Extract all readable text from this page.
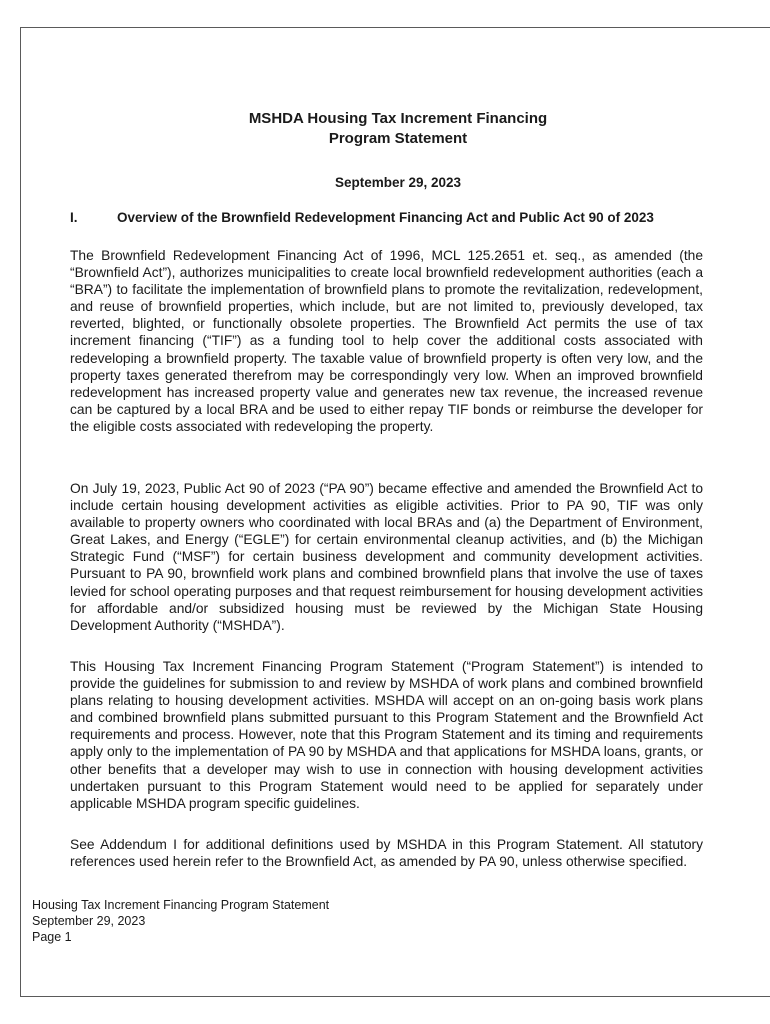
MSHDA Housing Tax Increment Financing
Program Statement
September 29, 2023
I.	Overview of the Brownfield Redevelopment Financing Act and Public Act 90 of 2023
The Brownfield Redevelopment Financing Act of 1996, MCL 125.2651 et. seq., as amended (the “Brownfield Act”), authorizes municipalities to create local brownfield redevelopment authorities (each a “BRA”) to facilitate the implementation of brownfield plans to promote the revitalization, redevelopment, and reuse of brownfield properties, which include, but are not limited to, previously developed, tax reverted, blighted, or functionally obsolete properties. The Brownfield Act permits the use of tax increment financing (“TIF”) as a funding tool to help cover the additional costs associated with redeveloping a brownfield property. The taxable value of brownfield property is often very low, and the property taxes generated therefrom may be correspondingly very low. When an improved brownfield redevelopment has increased property value and generates new tax revenue, the increased revenue can be captured by a local BRA and be used to either repay TIF bonds or reimburse the developer for the eligible costs associated with redeveloping the property.
On July 19, 2023, Public Act 90 of 2023 (“PA 90”) became effective and amended the Brownfield Act to include certain housing development activities as eligible activities. Prior to PA 90, TIF was only available to property owners who coordinated with local BRAs and (a) the Department of Environment, Great Lakes, and Energy (“EGLE”) for certain environmental cleanup activities, and (b) the Michigan Strategic Fund (“MSF”) for certain business development and community development activities. Pursuant to PA 90, brownfield work plans and combined brownfield plans that involve the use of taxes levied for school operating purposes and that request reimbursement for housing development activities for affordable and/or subsidized housing must be reviewed by the Michigan State Housing Development Authority (“MSHDA”).
This Housing Tax Increment Financing Program Statement (“Program Statement”) is intended to provide the guidelines for submission to and review by MSHDA of work plans and combined brownfield plans relating to housing development activities. MSHDA will accept on an on-going basis work plans and combined brownfield plans submitted pursuant to this Program Statement and the Brownfield Act requirements and process. However, note that this Program Statement and its timing and requirements apply only to the implementation of PA 90 by MSHDA and that applications for MSHDA loans, grants, or other benefits that a developer may wish to use in connection with housing development activities undertaken pursuant to this Program Statement would need to be applied for separately under applicable MSHDA program specific guidelines.
See Addendum I for additional definitions used by MSHDA in this Program Statement. All statutory references used herein refer to the Brownfield Act, as amended by PA 90, unless otherwise specified.
Housing Tax Increment Financing Program Statement
September 29, 2023
Page 1
